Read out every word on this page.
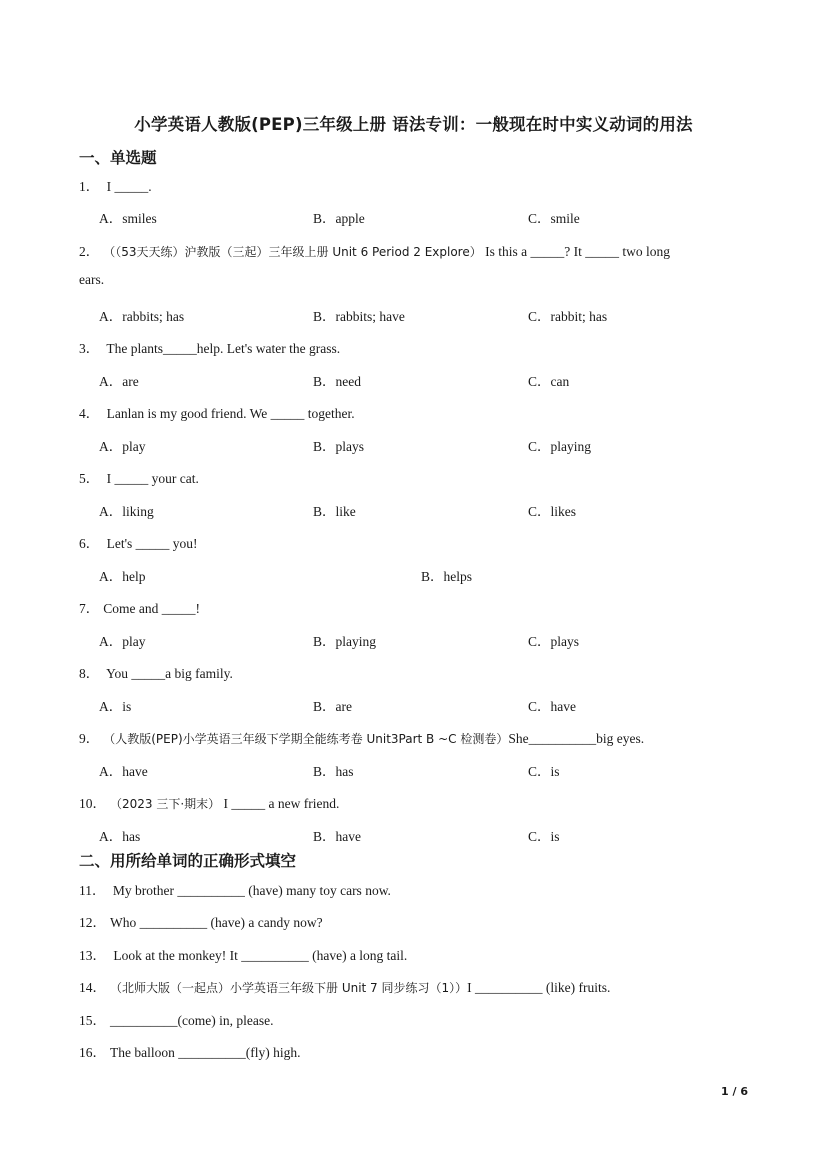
小学英语人教版(PEP)三年级上册 语法专训：一般现在时中实义动词的用法
一、单选题
1． I _____.
A．smiles	B．apple	C．smile
2． （（53天天练）沪教版（三起）三年级上册 Unit 6 Period 2 Explore） Is this a _____? It _____ two long
ears.
A．rabbits; has	B．rabbits; have	C．rabbit; has
3． The plants_____help. Let's water the grass.
A．are	B．need	C．can
4． Lanlan is my good friend. We _____ together.
A．play	B．plays	C．playing
5． I _____ your cat.
A．liking	B．like	C．likes
6． Let's _____ you!
A．help	B．helps
7． Come and _____!
A．play	B．playing	C．plays
8． You _____a big family.
A．is	B．are	C．have
9． （人教版(PEP)小学英语三年级下学期全能练考卷 Unit3Part B ~C 检测卷）She__________big eyes.
A．have	B．has	C．is
10． （2023 三下·期末） I _____ a new friend.
A．has	B．have	C．is
二、用所给单词的正确形式填空
11． My brother __________ (have) many toy cars now.
12． Who __________ (have) a candy now?
13． Look at the monkey! It __________ (have) a long tail.
14． （北师大版（一起点）小学英语三年级下册 Unit 7 同步练习（1））I __________ (like) fruits.
15． __________(come) in, please.
16． The balloon __________(fly) high.
1 / 6
